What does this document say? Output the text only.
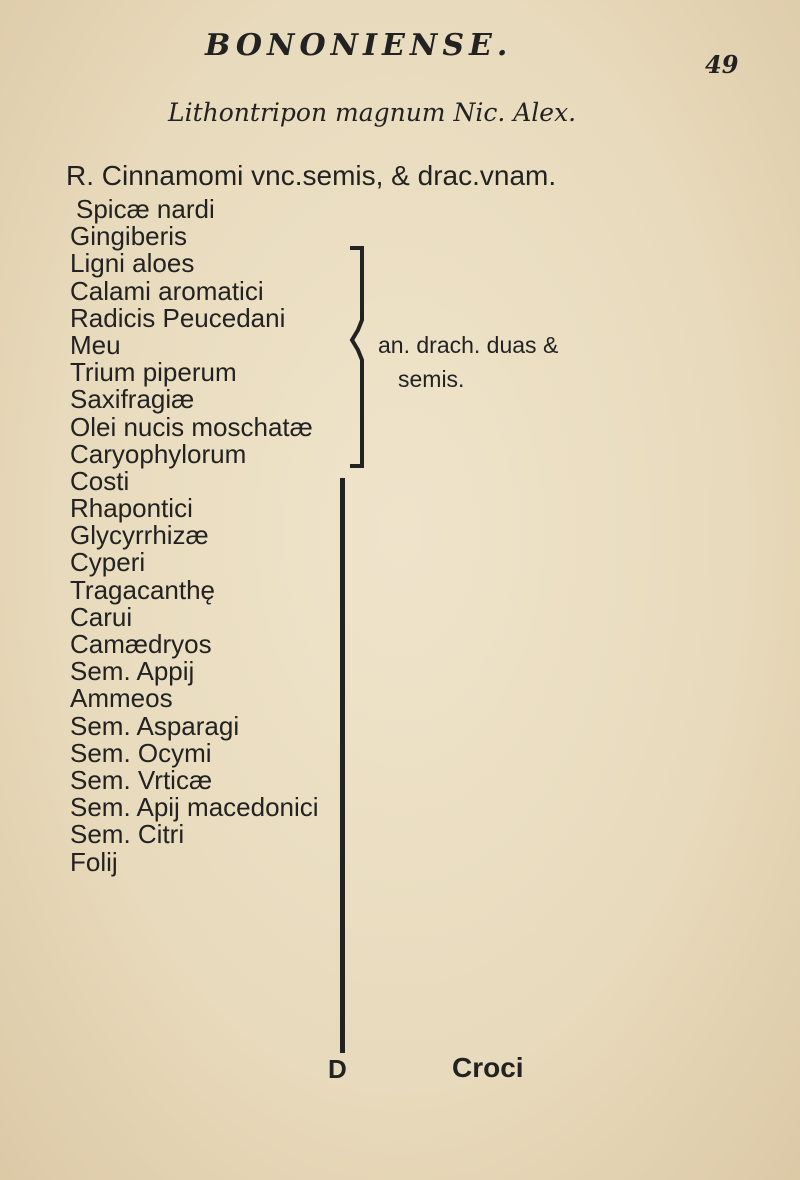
BONONIENSE.
49
Lithontripon magnum Nic. Alex.
R. Cinnamomi vnc.semis, & drac.vnam.
Spicæ nardi
Gingiberis
Ligni aloes
Calami aromatici
Radicis Peucedani
Meu
Trium piperum
Saxifragiæ
Olei nucis moschatæ
Caryophylorum
Costi
Rhapontici
Glycyrrhizæ
Cyperi
Tragacanthę
Carui
Camædryos
Sem. Appij
Ammeos
Sem. Asparagi
Sem. Ocymi
Sem. Vrticæ
Sem. Apij macedonici
Sem. Citri
Folij
an. drach. duas &
semis.
D	Croci
